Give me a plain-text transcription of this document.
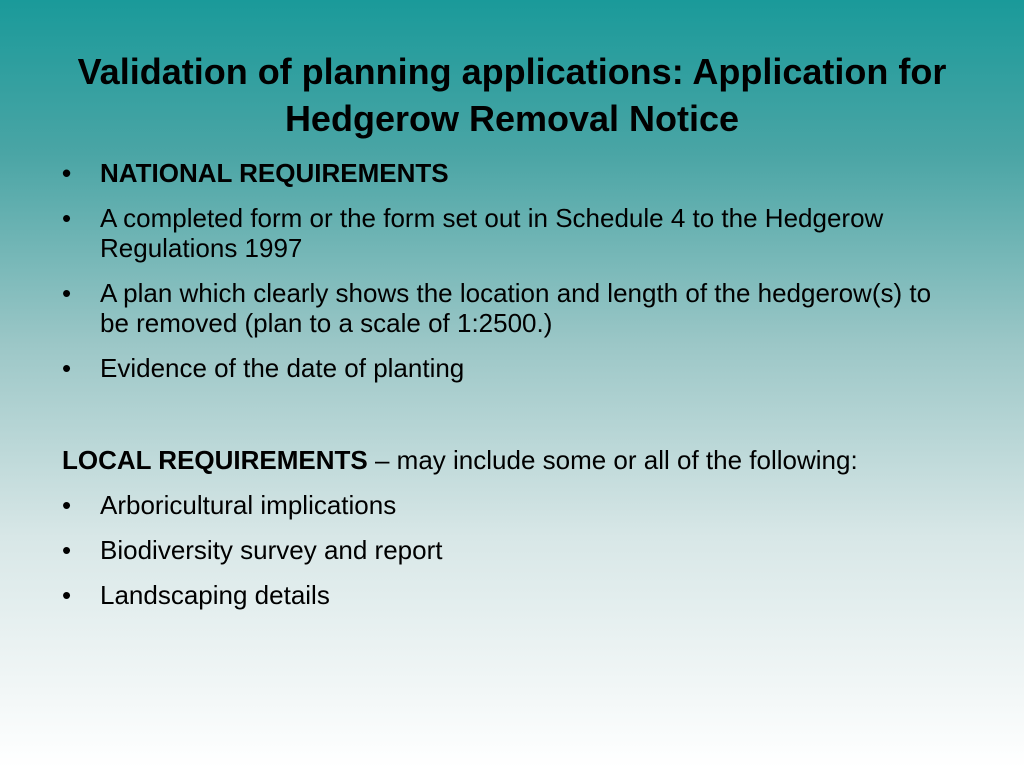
Validation of planning applications: Application for Hedgerow Removal Notice
• NATIONAL REQUIREMENTS
• A completed form or the form set out in Schedule 4 to the Hedgerow Regulations 1997
• A plan which clearly shows the location and length of the hedgerow(s) to be removed (plan to a scale of 1:2500.)
• Evidence of the date of planting

LOCAL REQUIREMENTS – may include some or all of the following:

• Arboricultural implications
• Biodiversity survey and report
• Landscaping details
